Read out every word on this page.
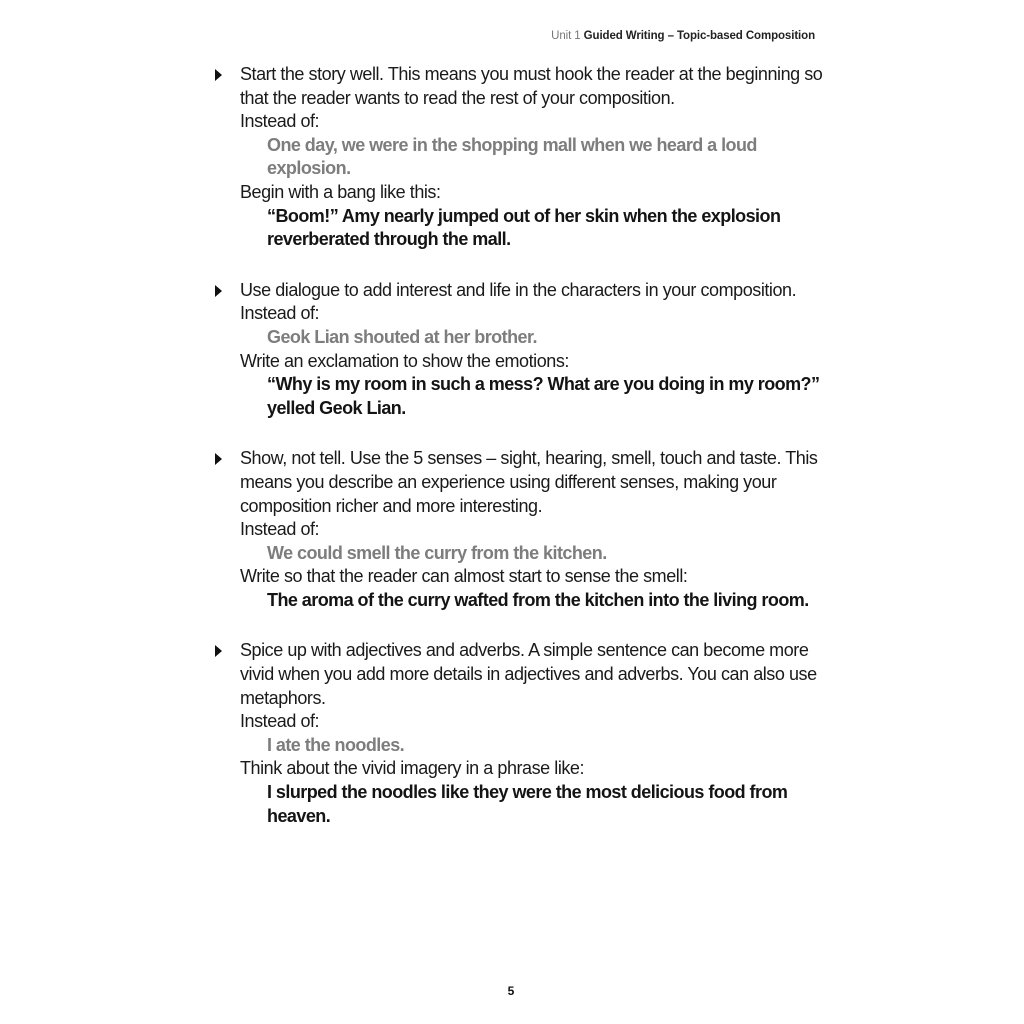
Unit 1 Guided Writing – Topic-based Composition
Start the story well. This means you must hook the reader at the beginning so that the reader wants to read the rest of your composition.
Instead of:
One day, we were in the shopping mall when we heard a loud explosion.
Begin with a bang like this:
“Boom!” Amy nearly jumped out of her skin when the explosion reverberated through the mall.
Use dialogue to add interest and life in the characters in your composition.
Instead of:
Geok Lian shouted at her brother.
Write an exclamation to show the emotions:
“Why is my room in such a mess? What are you doing in my room?” yelled Geok Lian.
Show, not tell. Use the 5 senses – sight, hearing, smell, touch and taste. This means you describe an experience using different senses, making your composition richer and more interesting.
Instead of:
We could smell the curry from the kitchen.
Write so that the reader can almost start to sense the smell:
The aroma of the curry wafted from the kitchen into the living room.
Spice up with adjectives and adverbs. A simple sentence can become more vivid when you add more details in adjectives and adverbs. You can also use metaphors.
Instead of:
I ate the noodles.
Think about the vivid imagery in a phrase like:
I slurped the noodles like they were the most delicious food from heaven.
5
